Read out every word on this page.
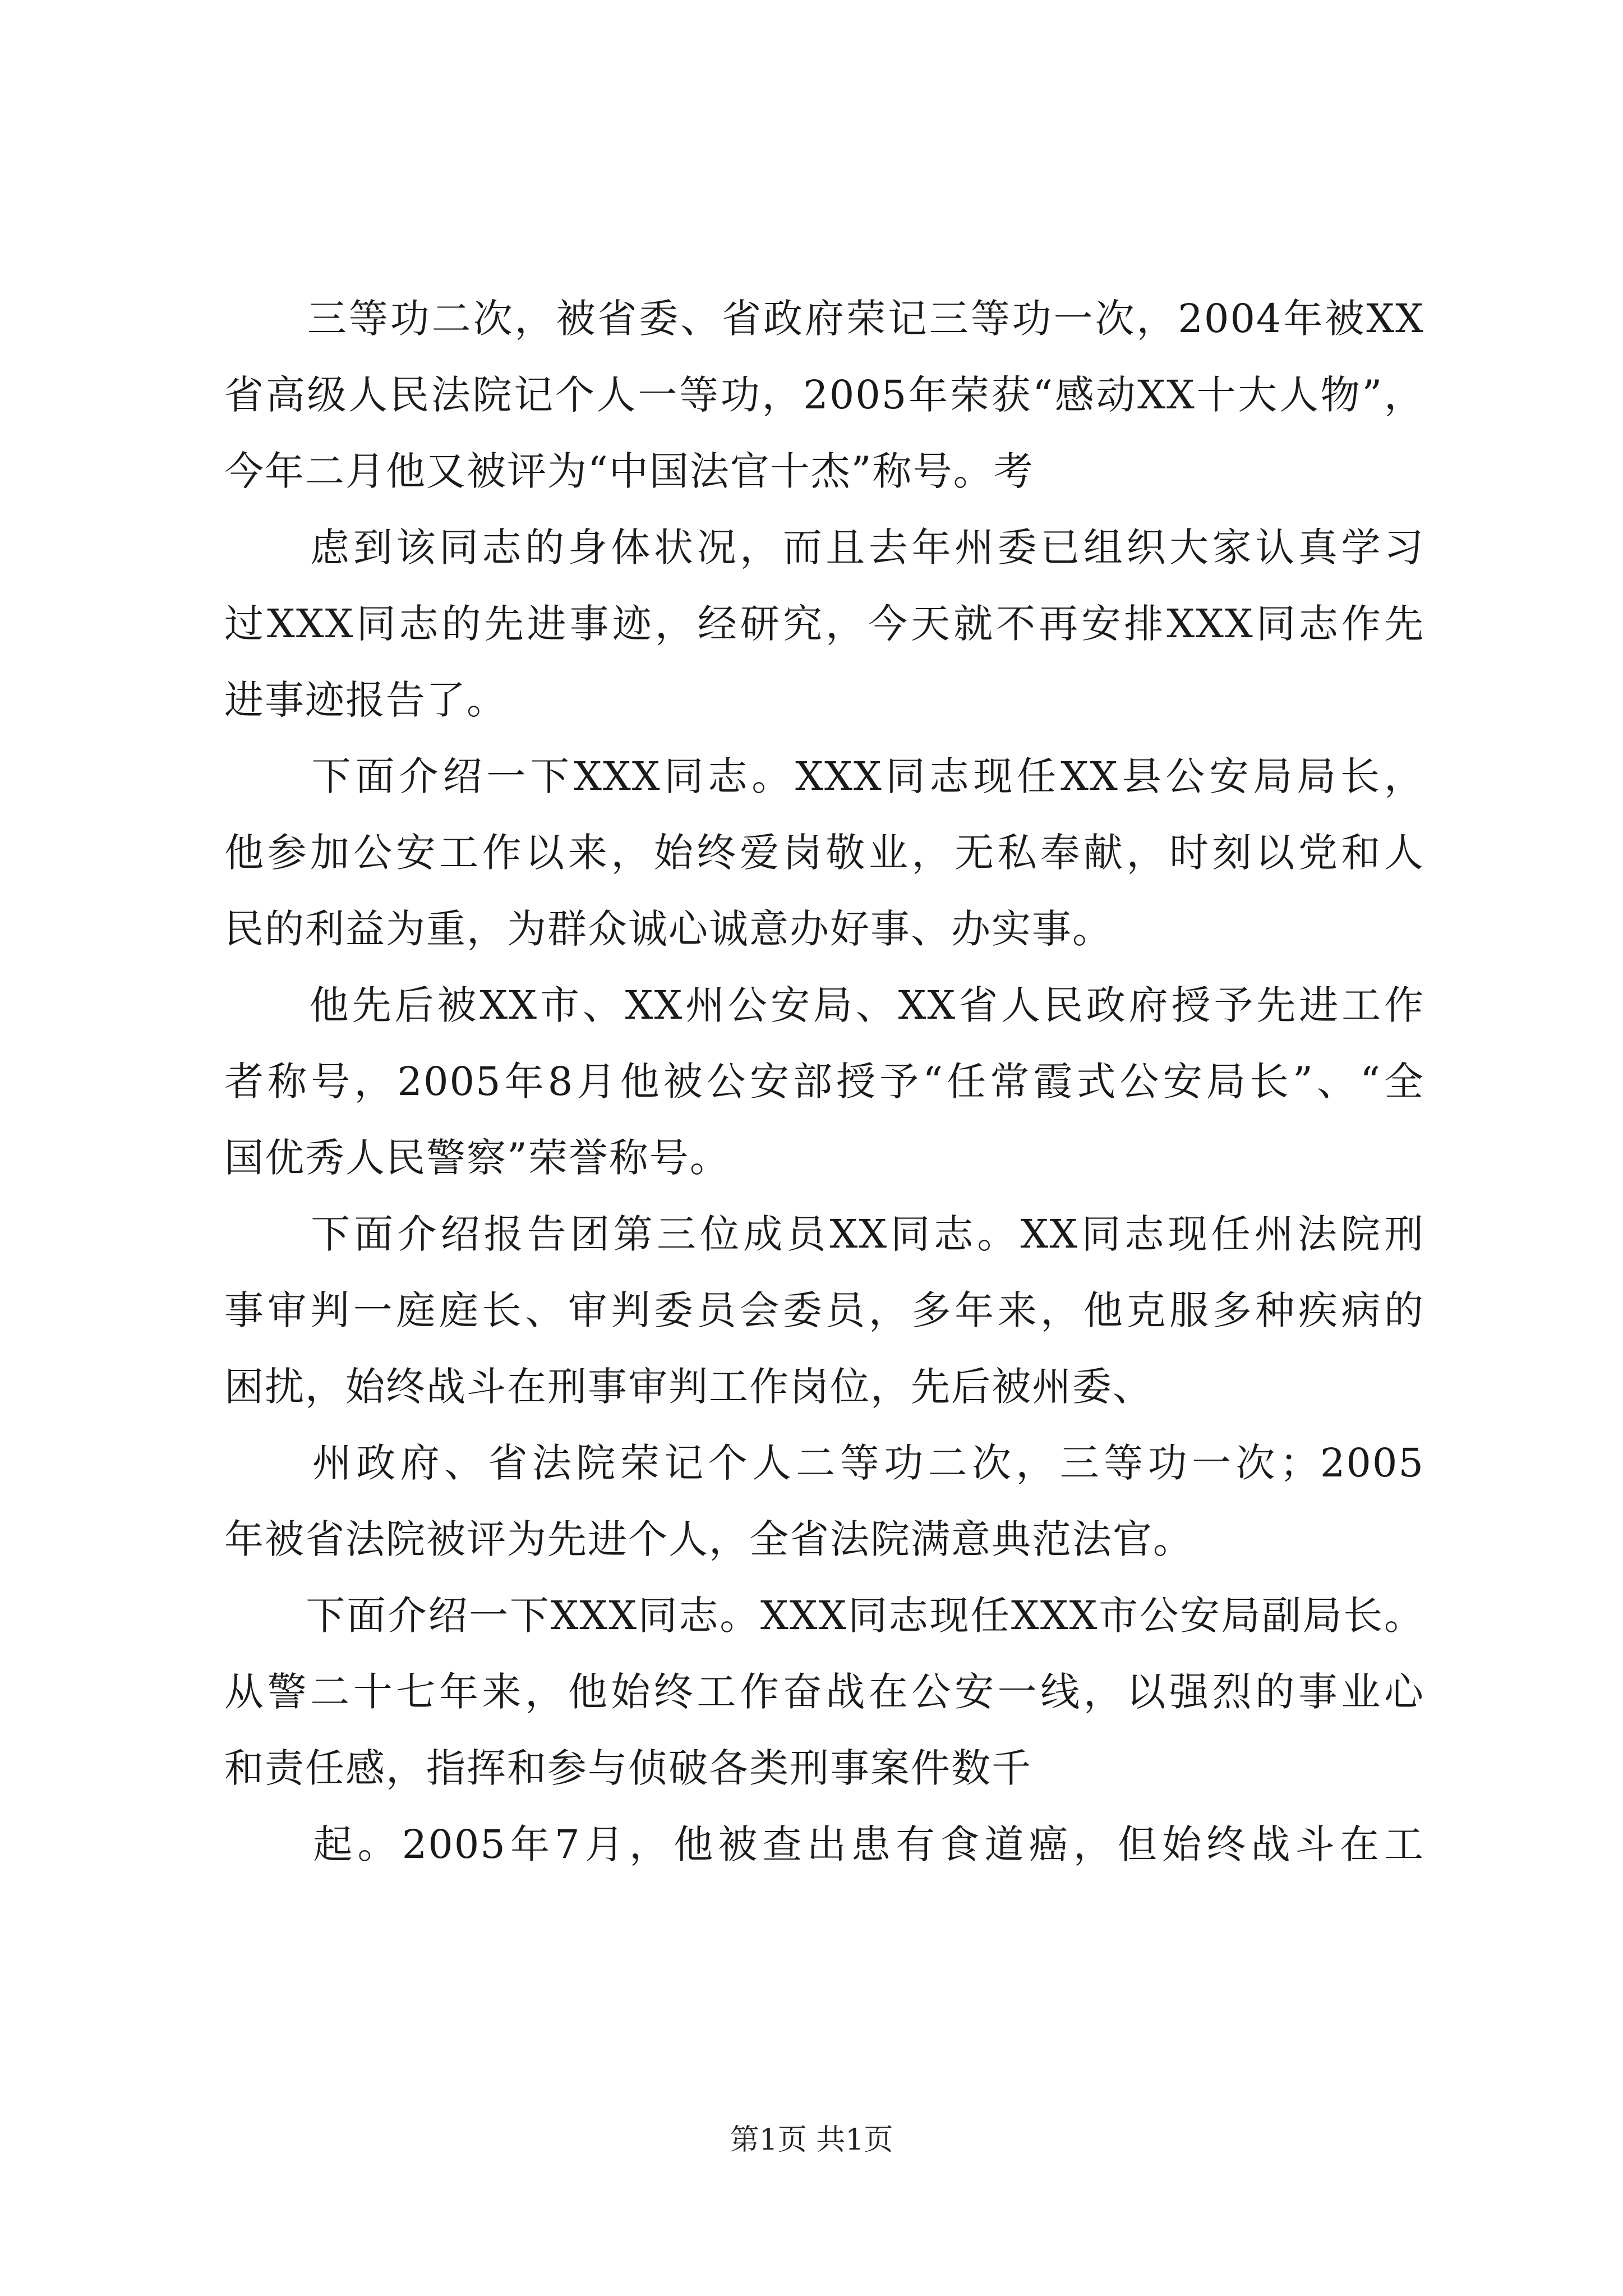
　　三等功二次，被省委、省政府荣记三等功一次，2004年被XX
省高级人民法院记个人一等功，2005年荣获“感动XX十大人物”，
今年二月他又被评为“中国法官十杰”称号。考
　　虑到该同志的身体状况，而且去年州委已组织大家认真学习
过XXX同志的先进事迹，经研究，今天就不再安排XXX同志作先
进事迹报告了。
　　下面介绍一下XXX同志。XXX同志现任XX县公安局局长，
他参加公安工作以来，始终爱岗敬业，无私奉献，时刻以党和人
民的利益为重，为群众诚心诚意办好事、办实事。
　　他先后被XX市、XX州公安局、XX省人民政府授予先进工作
者称号，2005年8月他被公安部授予“任常霞式公安局长”、“全
国优秀人民警察”荣誉称号。
　　下面介绍报告团第三位成员XX同志。XX同志现任州法院刑
事审判一庭庭长、审判委员会委员，多年来，他克服多种疾病的
困扰，始终战斗在刑事审判工作岗位，先后被州委、
　　州政府、省法院荣记个人二等功二次，三等功一次；2005
年被省法院被评为先进个人，全省法院满意典范法官。
　　下面介绍一下XXX同志。XXX同志现任XXX市公安局副局长。
从警二十七年来，他始终工作奋战在公安一线，以强烈的事业心
和责任感，指挥和参与侦破各类刑事案件数千
　　起。2005年7月，他被查出患有食道癌，但始终战斗在工
第1页 共1页
